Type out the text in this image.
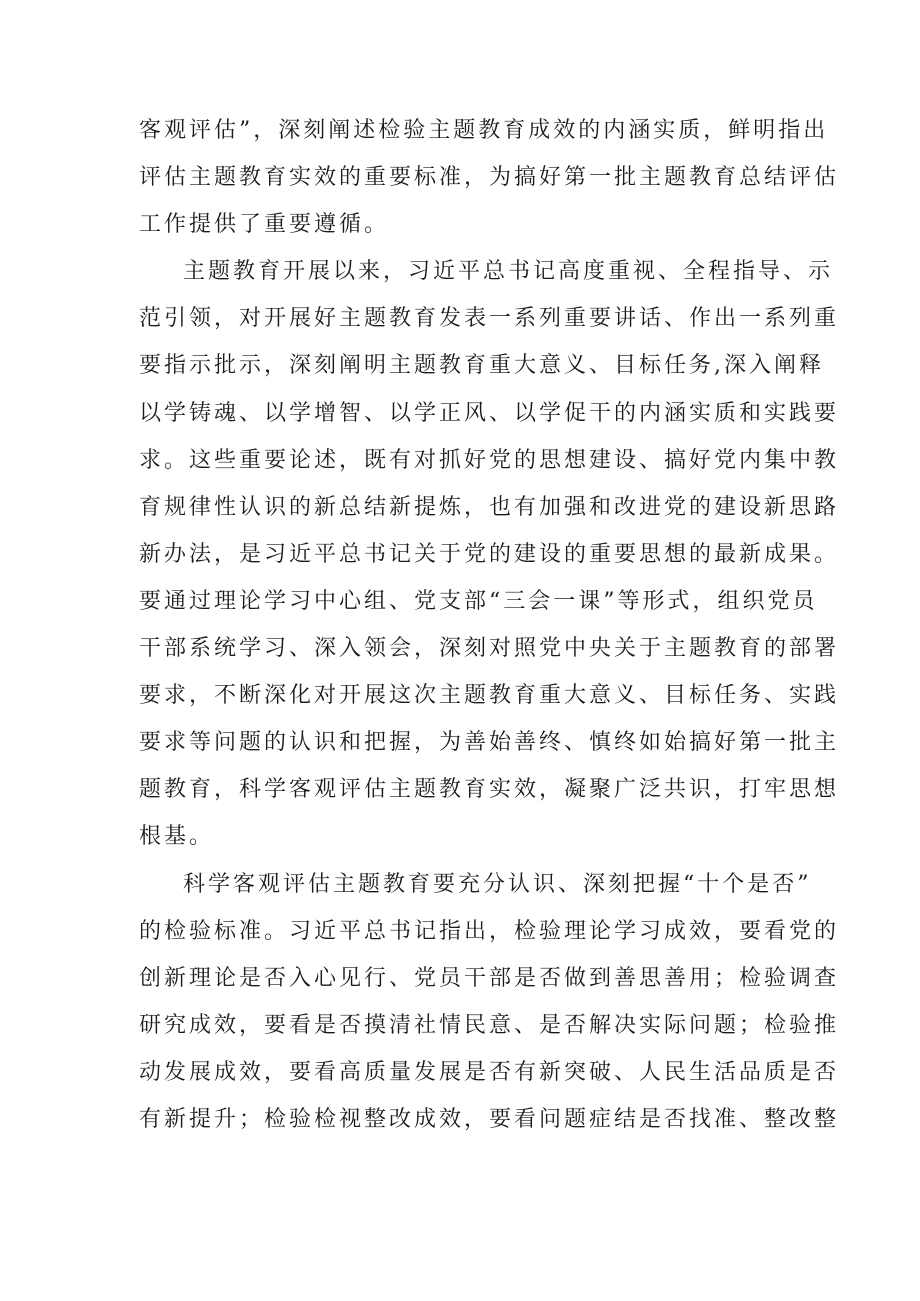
客观评估”，深刻阐述检验主题教育成效的内涵实质，鲜明指出
评估主题教育实效的重要标准，为搞好第一批主题教育总结评估
工作提供了重要遵循。
主题教育开展以来，习近平总书记高度重视、全程指导、示
范引领，对开展好主题教育发表一系列重要讲话、作出一系列重
要指示批示，深刻阐明主题教育重大意义、目标任务,深入阐释
以学铸魂、以学增智、以学正风、以学促干的内涵实质和实践要
求。这些重要论述，既有对抓好党的思想建设、搞好党内集中教
育规律性认识的新总结新提炼，也有加强和改进党的建设新思路
新办法，是习近平总书记关于党的建设的重要思想的最新成果。
要通过理论学习中心组、党支部“三会一课”等形式，组织党员
干部系统学习、深入领会，深刻对照党中央关于主题教育的部署
要求，不断深化对开展这次主题教育重大意义、目标任务、实践
要求等问题的认识和把握，为善始善终、慎终如始搞好第一批主
题教育，科学客观评估主题教育实效，凝聚广泛共识，打牢思想
根基。
科学客观评估主题教育要充分认识、深刻把握“十个是否”
的检验标准。习近平总书记指出，检验理论学习成效，要看党的
创新理论是否入心见行、党员干部是否做到善思善用；检验调查
研究成效，要看是否摸清社情民意、是否解决实际问题；检验推
动发展成效，要看高质量发展是否有新突破、人民生活品质是否
有新提升；检验检视整改成效，要看问题症结是否找准、整改整
